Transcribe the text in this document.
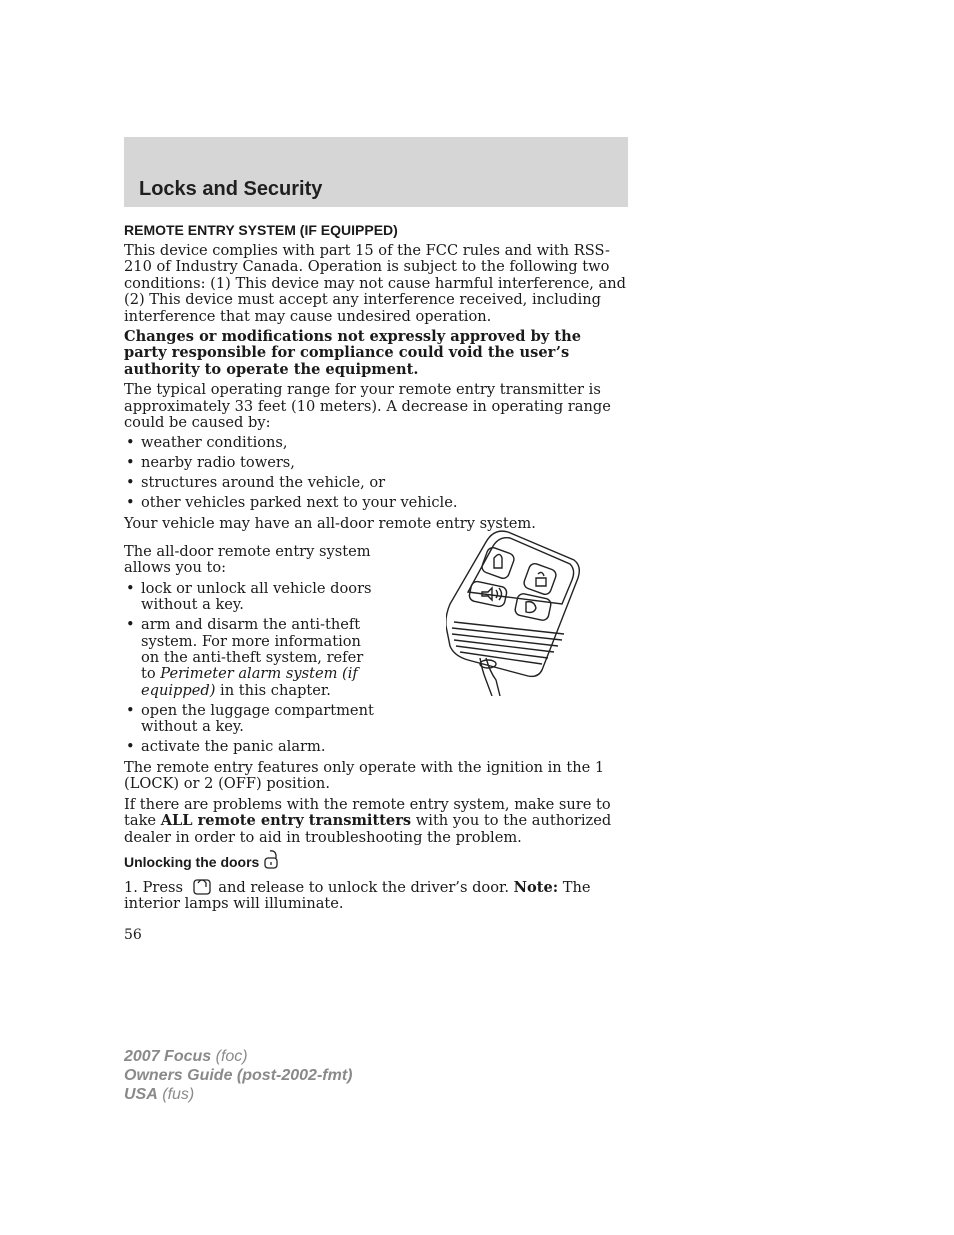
Locks and Security
REMOTE ENTRY SYSTEM (IF EQUIPPED)

This device complies with part 15 of the FCC rules and with RSS-210 of Industry Canada. Operation is subject to the following two conditions: (1) This device may not cause harmful interference, and (2) This device must accept any interference received, including interference that may cause undesired operation.

Changes or modifications not expressly approved by the party responsible for compliance could void the user’s authority to operate the equipment.

The typical operating range for your remote entry transmitter is approximately 33 feet (10 meters). A decrease in operating range could be caused by:

• weather conditions,
• nearby radio towers,
• structures around the vehicle, or
• other vehicles parked next to your vehicle.

Your vehicle may have an all-door remote entry system.

The all-door remote entry system allows you to:

• lock or unlock all vehicle doors without a key.
• arm and disarm the anti-theft system. For more information on the anti-theft system, refer to Perimeter alarm system (if equipped) in this chapter.
• open the luggage compartment without a key.
• activate the panic alarm.

The remote entry features only operate with the ignition in the 1 (LOCK) or 2 (OFF) position.

If there are problems with the remote entry system, make sure to take ALL remote entry transmitters with you to the authorized dealer in order to aid in troubleshooting the problem.

Unlocking the doors

1. Press and release to unlock the driver’s door. Note: The interior lamps will illuminate.

56
2007 Focus (foc)
Owners Guide (post-2002-fmt)
USA (fus)
